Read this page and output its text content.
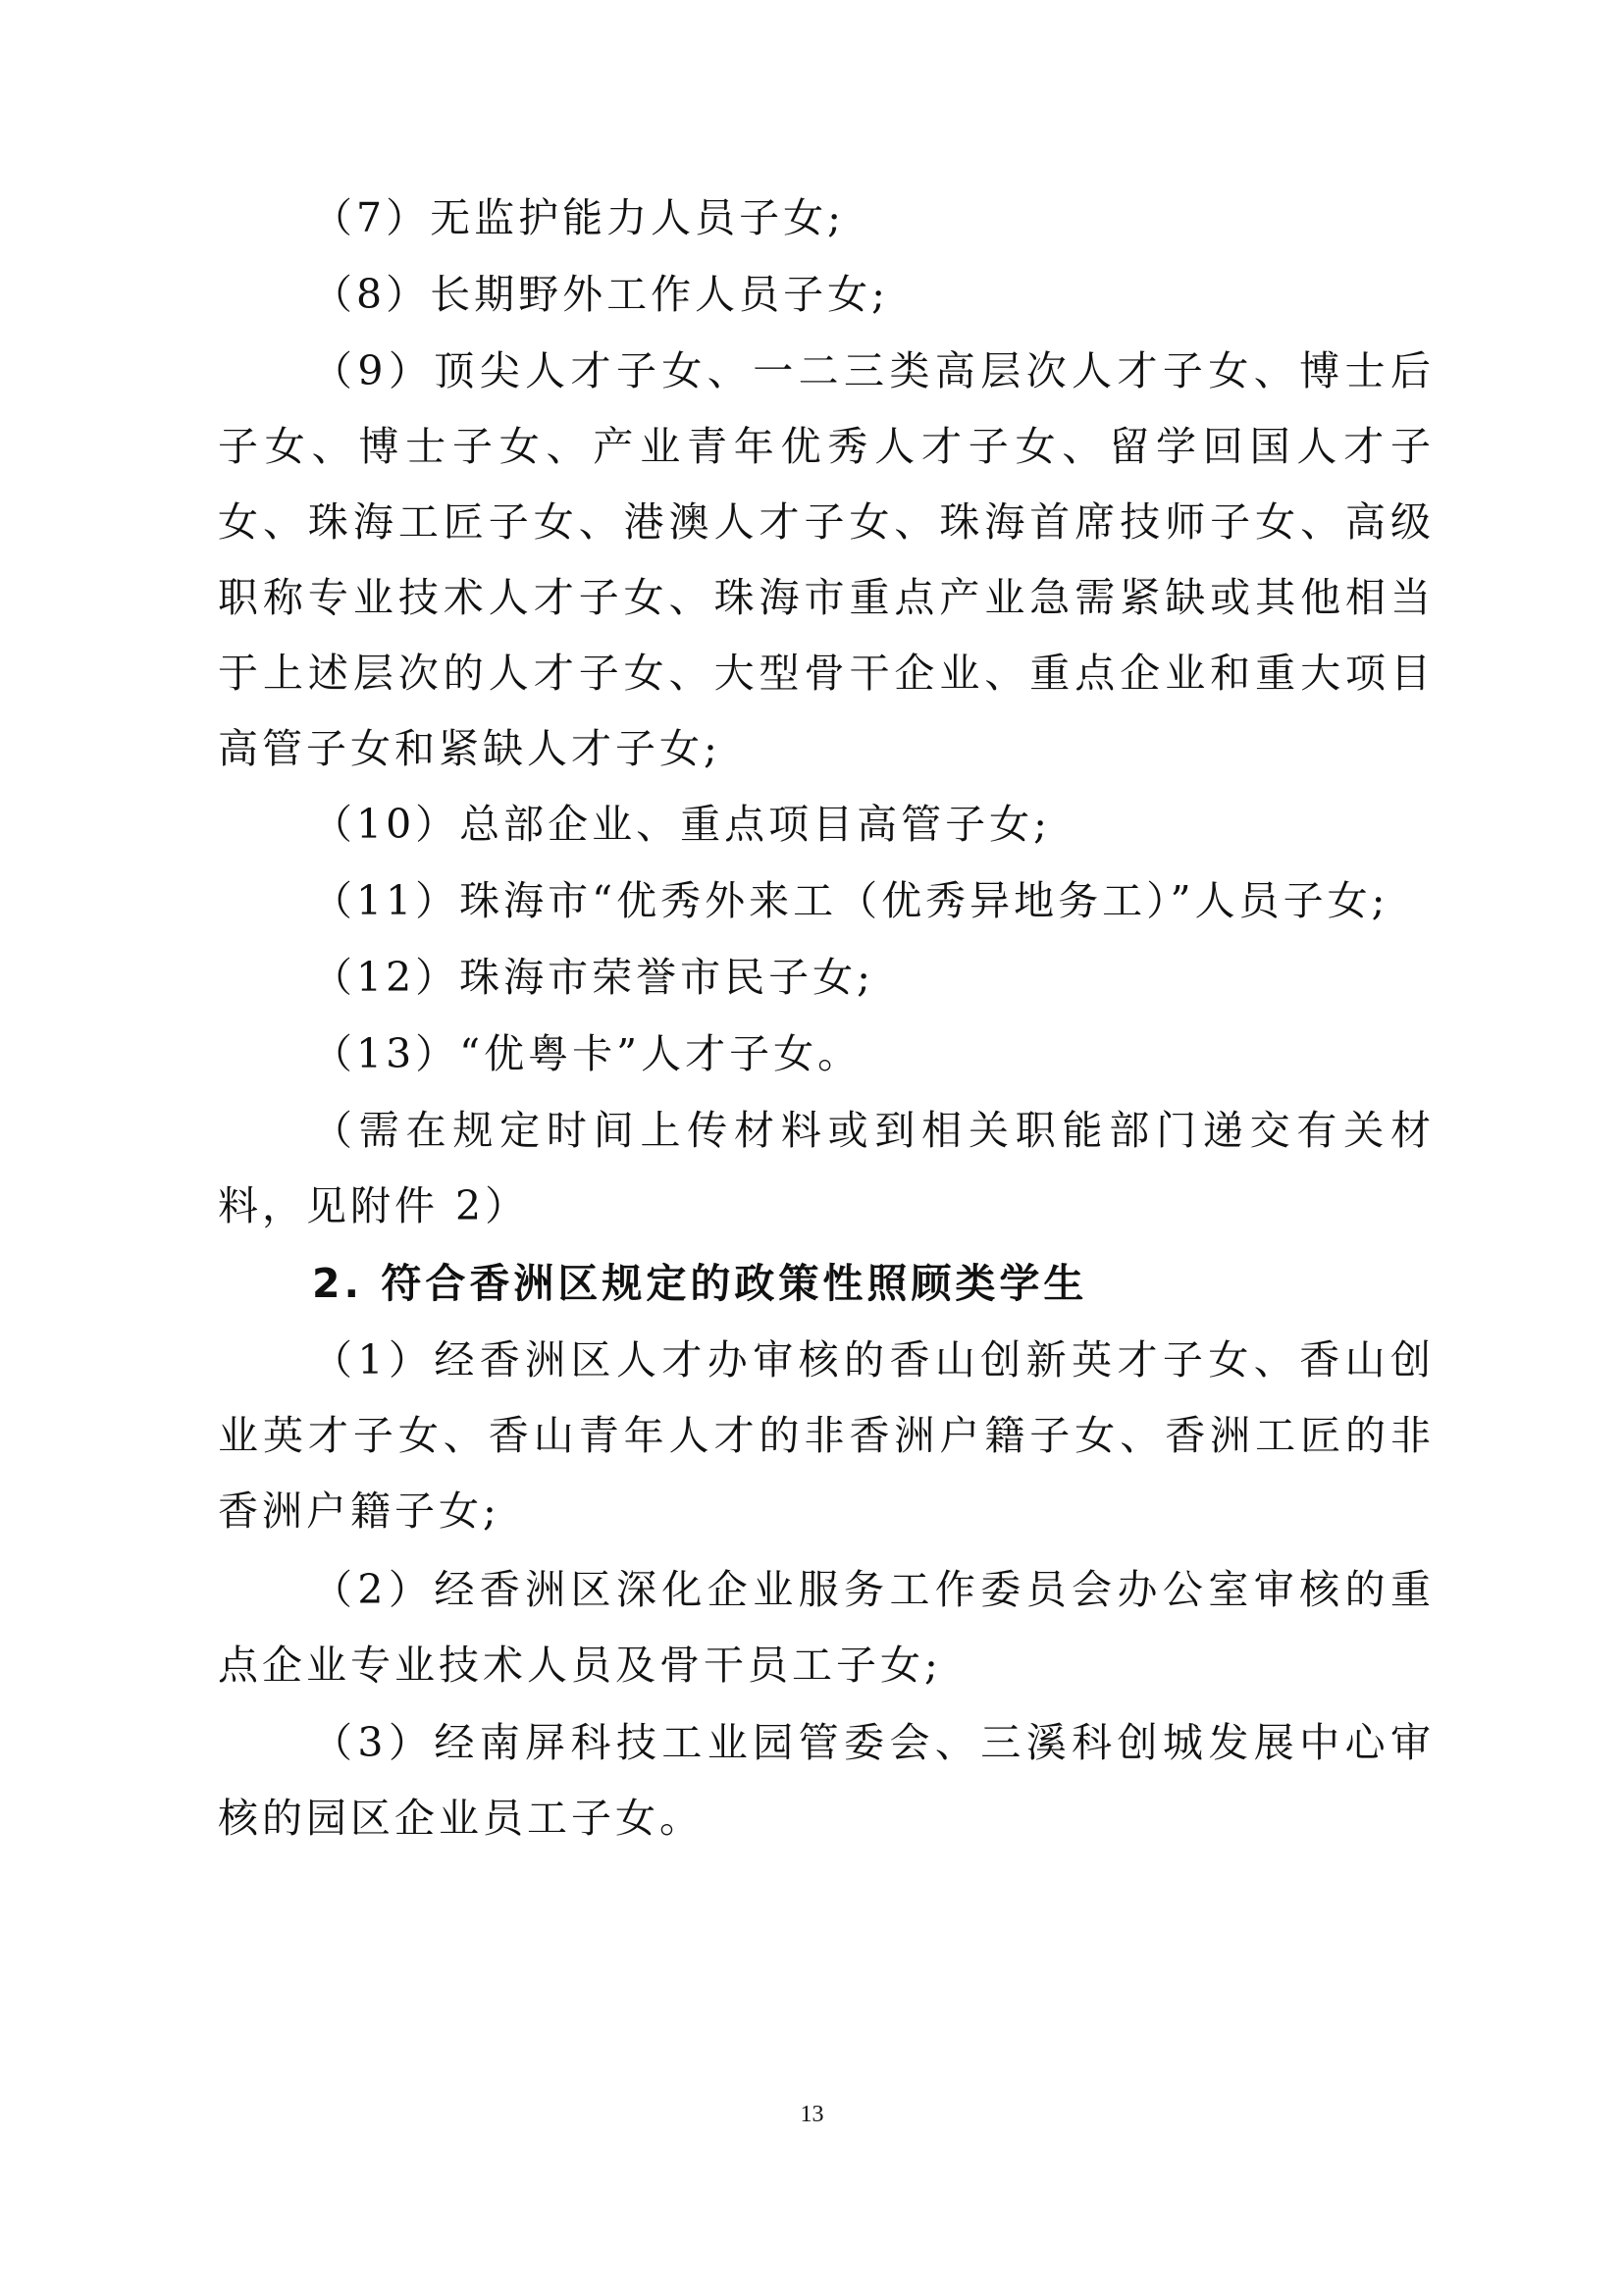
（7）无监护能力人员子女;

（8）长期野外工作人员子女;

（9）顶尖人才子女、一二三类高层次人才子女、博士后子女、博士子女、产业青年优秀人才子女、留学回国人才子女、珠海工匠子女、港澳人才子女、珠海首席技师子女、高级职称专业技术人才子女、珠海市重点产业急需紧缺或其他相当于上述层次的人才子女、大型骨干企业、重点企业和重大项目高管子女和紧缺人才子女;

（10）总部企业、重点项目高管子女;

（11）珠海市“优秀外来工（优秀异地务工）”人员子女;

（12）珠海市荣誉市民子女;

（13）“优粤卡”人才子女。

（需在规定时间上传材料或到相关职能部门递交有关材料，见附件 2）

2. 符合香洲区规定的政策性照顾类学生

（1）经香洲区人才办审核的香山创新英才子女、香山创业英才子女、香山青年人才的非香洲户籍子女、香洲工匠的非香洲户籍子女;

（2）经香洲区深化企业服务工作委员会办公室审核的重点企业专业技术人员及骨干员工子女;

（3）经南屏科技工业园管委会、三溪科创城发展中心审核的园区企业员工子女。

13
